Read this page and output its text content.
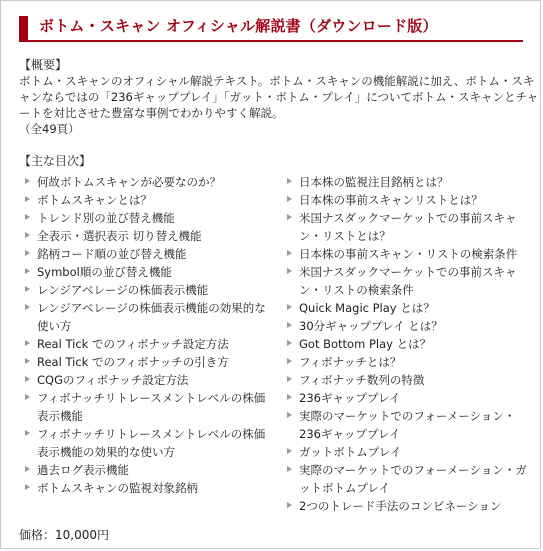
ボトム・スキャン オフィシャル解説書（ダウンロード版）
【概要】

ボトム・スキャンのオフィシャル解説テキスト。ボトム・スキャンの機能解説に加え、ボトム・スキャンならではの「236ギャッププレイ」「ガット・ボトム・プレイ」についてボトム・スキャンとチャートを対比させた豊富な事例でわかりやすく解説。

（全49頁）

【主な目次】
何故ボトムスキャンが必要なのか？
ボトムスキャンとは？
トレンド別の並び替え機能
全表示・選択表示 切り替え機能
銘柄コード順の並び替え機能
Symbol順の並び替え機能
レンジアベレージの株価表示機能
レンジアベレージの株価表示機能の効果的な使い方
Real Tick でのフィボナッチ設定方法
Real Tick でのフィボナッチの引き方
CQGのフィボナッチ設定方法
フィボナッチリトレースメントレベルの株価表示機能
フィボナッチリトレースメントレベルの株価表示機能の効果的な使い方
過去ログ表示機能
ボトムスキャンの監視対象銘柄
日本株の監視注目銘柄とは？
日本株の事前スキャンリストとは？
米国ナスダックマーケットでの事前スキャン・リストとは？
日本株の事前スキャン・リストの検索条件
米国ナスダックマーケットでの事前スキャン・リストの検索条件
Quick Magic Play とは？
30分ギャッププレイ とは？
Got Bottom Play とは？
フィボナッチとは？
フィボナッチ数列の特徴
236ギャッププレイ
実際のマーケットでのフォーメーション・236ギャッププレイ
ガットボトムプレイ
実際のマーケットでのフォーメーション・ガットボトムプレイ
2つのトレード手法のコンビネーション
価格：10,000円
